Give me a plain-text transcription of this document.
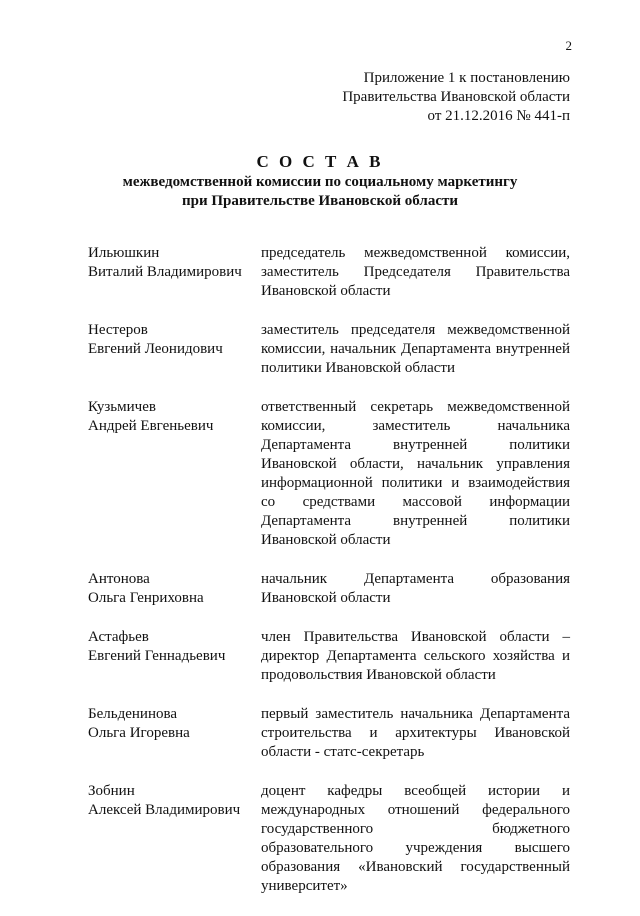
2
Приложение 1 к постановлению
Правительства Ивановской области
от 21.12.2016 № 441-п
С О С Т А В
межведомственной комиссии по социальному маркетингу
при Правительстве Ивановской области
Ильюшкин
Виталий Владимирович
председатель межведомственной комиссии, заместитель Председателя Правительства Ивановской области
Нестеров
Евгений Леонидович
заместитель председателя межведомственной комиссии, начальник Департамента внутренней политики Ивановской области
Кузьмичев
Андрей Евгеньевич
ответственный секретарь межведомственной комиссии, заместитель начальника Департамента внутренней политики Ивановской области, начальник управления информационной политики и взаимодействия со средствами массовой информации Департамента внутренней политики Ивановской области
Антонова
Ольга Генриховна
начальник Департамента образования Ивановской области
Астафьев
Евгений Геннадьевич
член Правительства Ивановской области – директор Департамента сельского хозяйства и продовольствия Ивановской области
Бельденинова
Ольга Игоревна
первый заместитель начальника Департамента строительства и архитектуры Ивановской области - статс-секретарь
Зобнин
Алексей Владимирович
доцент кафедры всеобщей истории и международных отношений федерального государственного бюджетного образовательного учреждения высшего образования «Ивановский государственный университет»
